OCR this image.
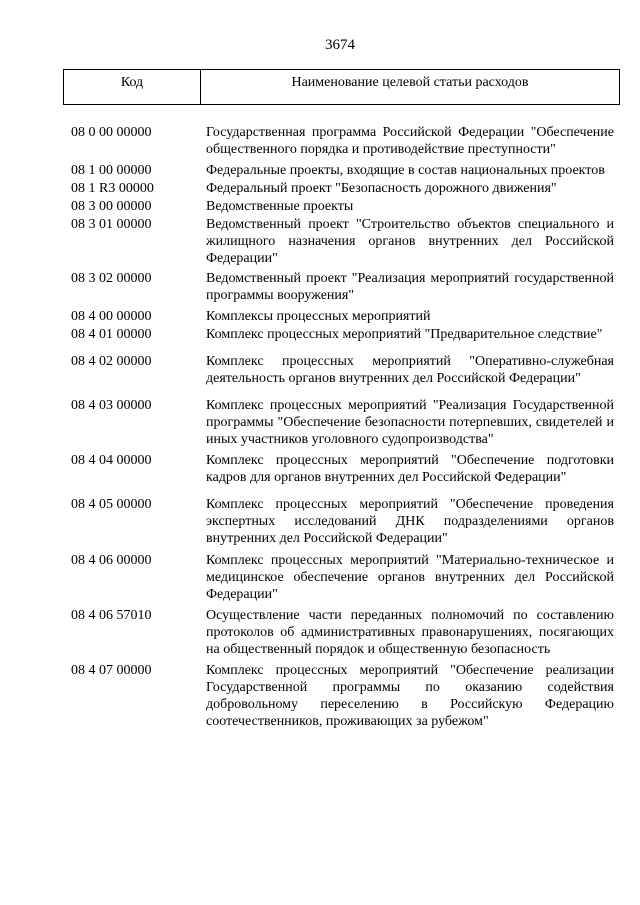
3674
Код	Наименование целевой статьи расходов
08 0 00 00000	Государственная программа Российской Федерации "Обеспечение общественного порядка и противодействие преступности"
08 1 00 00000	Федеральные проекты, входящие в состав национальных проектов
08 1 R3 00000	Федеральный проект "Безопасность дорожного движения"
08 3 00 00000	Ведомственные проекты
08 3 01 00000	Ведомственный проект "Строительство объектов специального и жилищного назначения органов внутренних дел Российской Федерации"
08 3 02 00000	Ведомственный проект "Реализация мероприятий государственной программы вооружения"
08 4 00 00000	Комплексы процессных мероприятий
08 4 01 00000	Комплекс процессных мероприятий "Предварительное следствие"
08 4 02 00000	Комплекс процессных мероприятий "Оперативно-служебная деятельность органов внутренних дел Российской Федерации"
08 4 03 00000	Комплекс процессных мероприятий "Реализация Государственной программы "Обеспечение безопасности потерпевших, свидетелей и иных участников уголовного судопроизводства"
08 4 04 00000	Комплекс процессных мероприятий "Обеспечение подготовки кадров для органов внутренних дел Российской Федерации"
08 4 05 00000	Комплекс процессных мероприятий "Обеспечение проведения экспертных исследований ДНК подразделениями органов внутренних дел Российской Федерации"
08 4 06 00000	Комплекс процессных мероприятий "Материально-техническое и медицинское обеспечение органов внутренних дел Российской Федерации"
08 4 06 57010	Осуществление части переданных полномочий по составлению протоколов об административных правонарушениях, посягающих на общественный порядок и общественную безопасность
08 4 07 00000	Комплекс процессных мероприятий "Обеспечение реализации Государственной программы по оказанию содействия добровольному переселению в Российскую Федерацию соотечественников, проживающих за рубежом"
